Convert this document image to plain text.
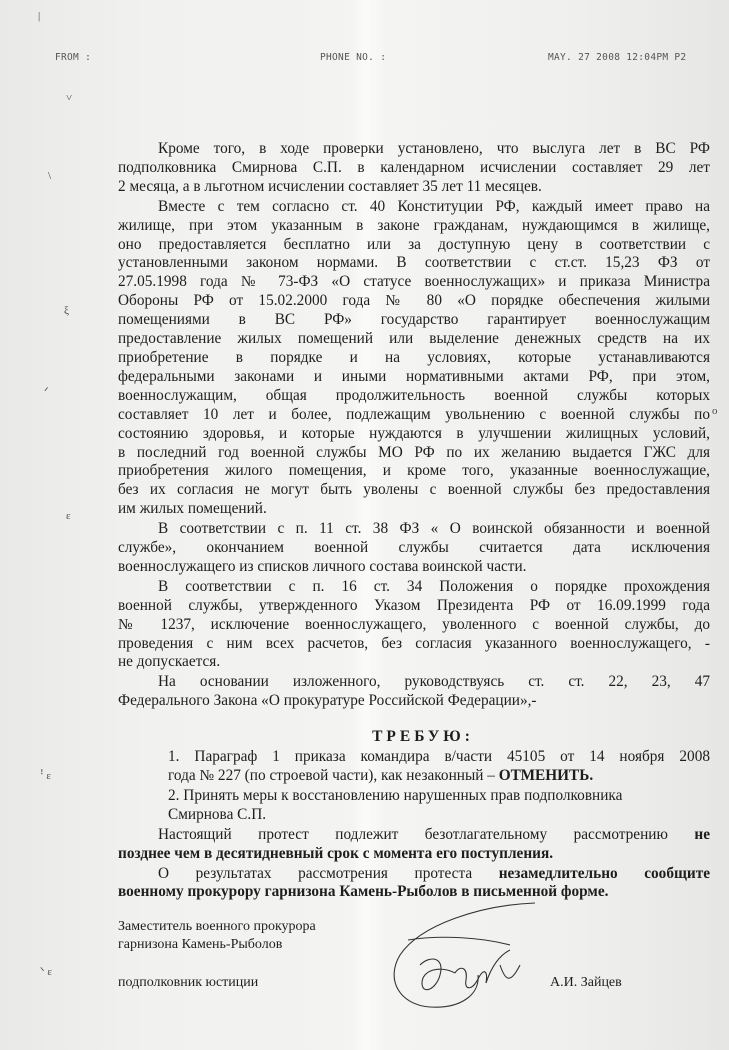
FROM :	PHONE NO. :	MAY. 27 2008 12:04PM P2
Кроме того, в ходе проверки установлено, что выслуга лет в ВС РФ
подполковника Смирнова С.П. в календарном исчислении составляет 29 лет
2 месяца, а в льготном исчислении составляет 35 лет 11 месяцев.
Вместе с тем согласно ст. 40 Конституции РФ, каждый имеет право на
жилище, при этом указанным в законе гражданам, нуждающимся в жилище,
оно предоставляется бесплатно или за доступную цену в соответствии с
установленными законом нормами. В соответствии с ст.ст. 15,23 ФЗ от
27.05.1998 года № 73-ФЗ «О статусе военнослужащих» и приказа Министра
Обороны РФ от 15.02.2000 года № 80 «О порядке обеспечения жилыми
помещениями в ВС РФ» государство гарантирует военнослужащим
предоставление жилых помещений или выделение денежных средств на их
приобретение в порядке и на условиях, которые устанавливаются
федеральными законами и иными нормативными актами РФ, при этом,
военнослужащим, общая продолжительность военной службы которых
составляет 10 лет и более, подлежащим увольнению с военной службы по
состоянию здоровья, и которые нуждаются в улучшении жилищных условий,
в последний год военной службы МО РФ по их желанию выдается ГЖС для
приобретения жилого помещения, и кроме того, указанные военнослужащие,
без их согласия не могут быть уволены с военной службы без предоставления
им жилых помещений.
В соответствии с п. 11 ст. 38 ФЗ « О воинской обязанности и военной
службе», окончанием военной службы считается дата исключения
военнослужащего из списков личного состава воинской части.
В соответствии с п. 16 ст. 34 Положения о порядке прохождения
военной службы, утвержденного Указом Президента РФ от 16.09.1999 года
№ 1237, исключение военнослужащего, уволенного с военной службы, до
проведения с ним всех расчетов, без согласия указанного военнослужащего, -
не допускается.
На основании изложенного, руководствуясь ст. ст. 22, 23, 47
Федерального Закона «О прокуратуре Российской Федерации»,-
ТРЕБУЮ:
1. Параграф 1 приказа командира в/части 45105 от 14 ноября 2008
года № 227 (по строевой части), как незаконный – ОТМЕНИТЬ.
2. Принять меры к восстановлению нарушенных прав подполковника
Смирнова С.П.
Настоящий протест подлежит безотлагательному рассмотрению не
позднее чем в десятидневный срок с момента его поступления.
О результатах рассмотрения протеста незамедлительно сообщите
военному прокурору гарнизона Камень-Рыболов в письменной форме.
Заместитель военного прокурора
гарнизона Камень-Рыболов
подполковник юстиции	А.И. Зайцев
|
˅
\
ξ
ᐟ
ɛ
o
ꜝ ε
ᐠ ε
